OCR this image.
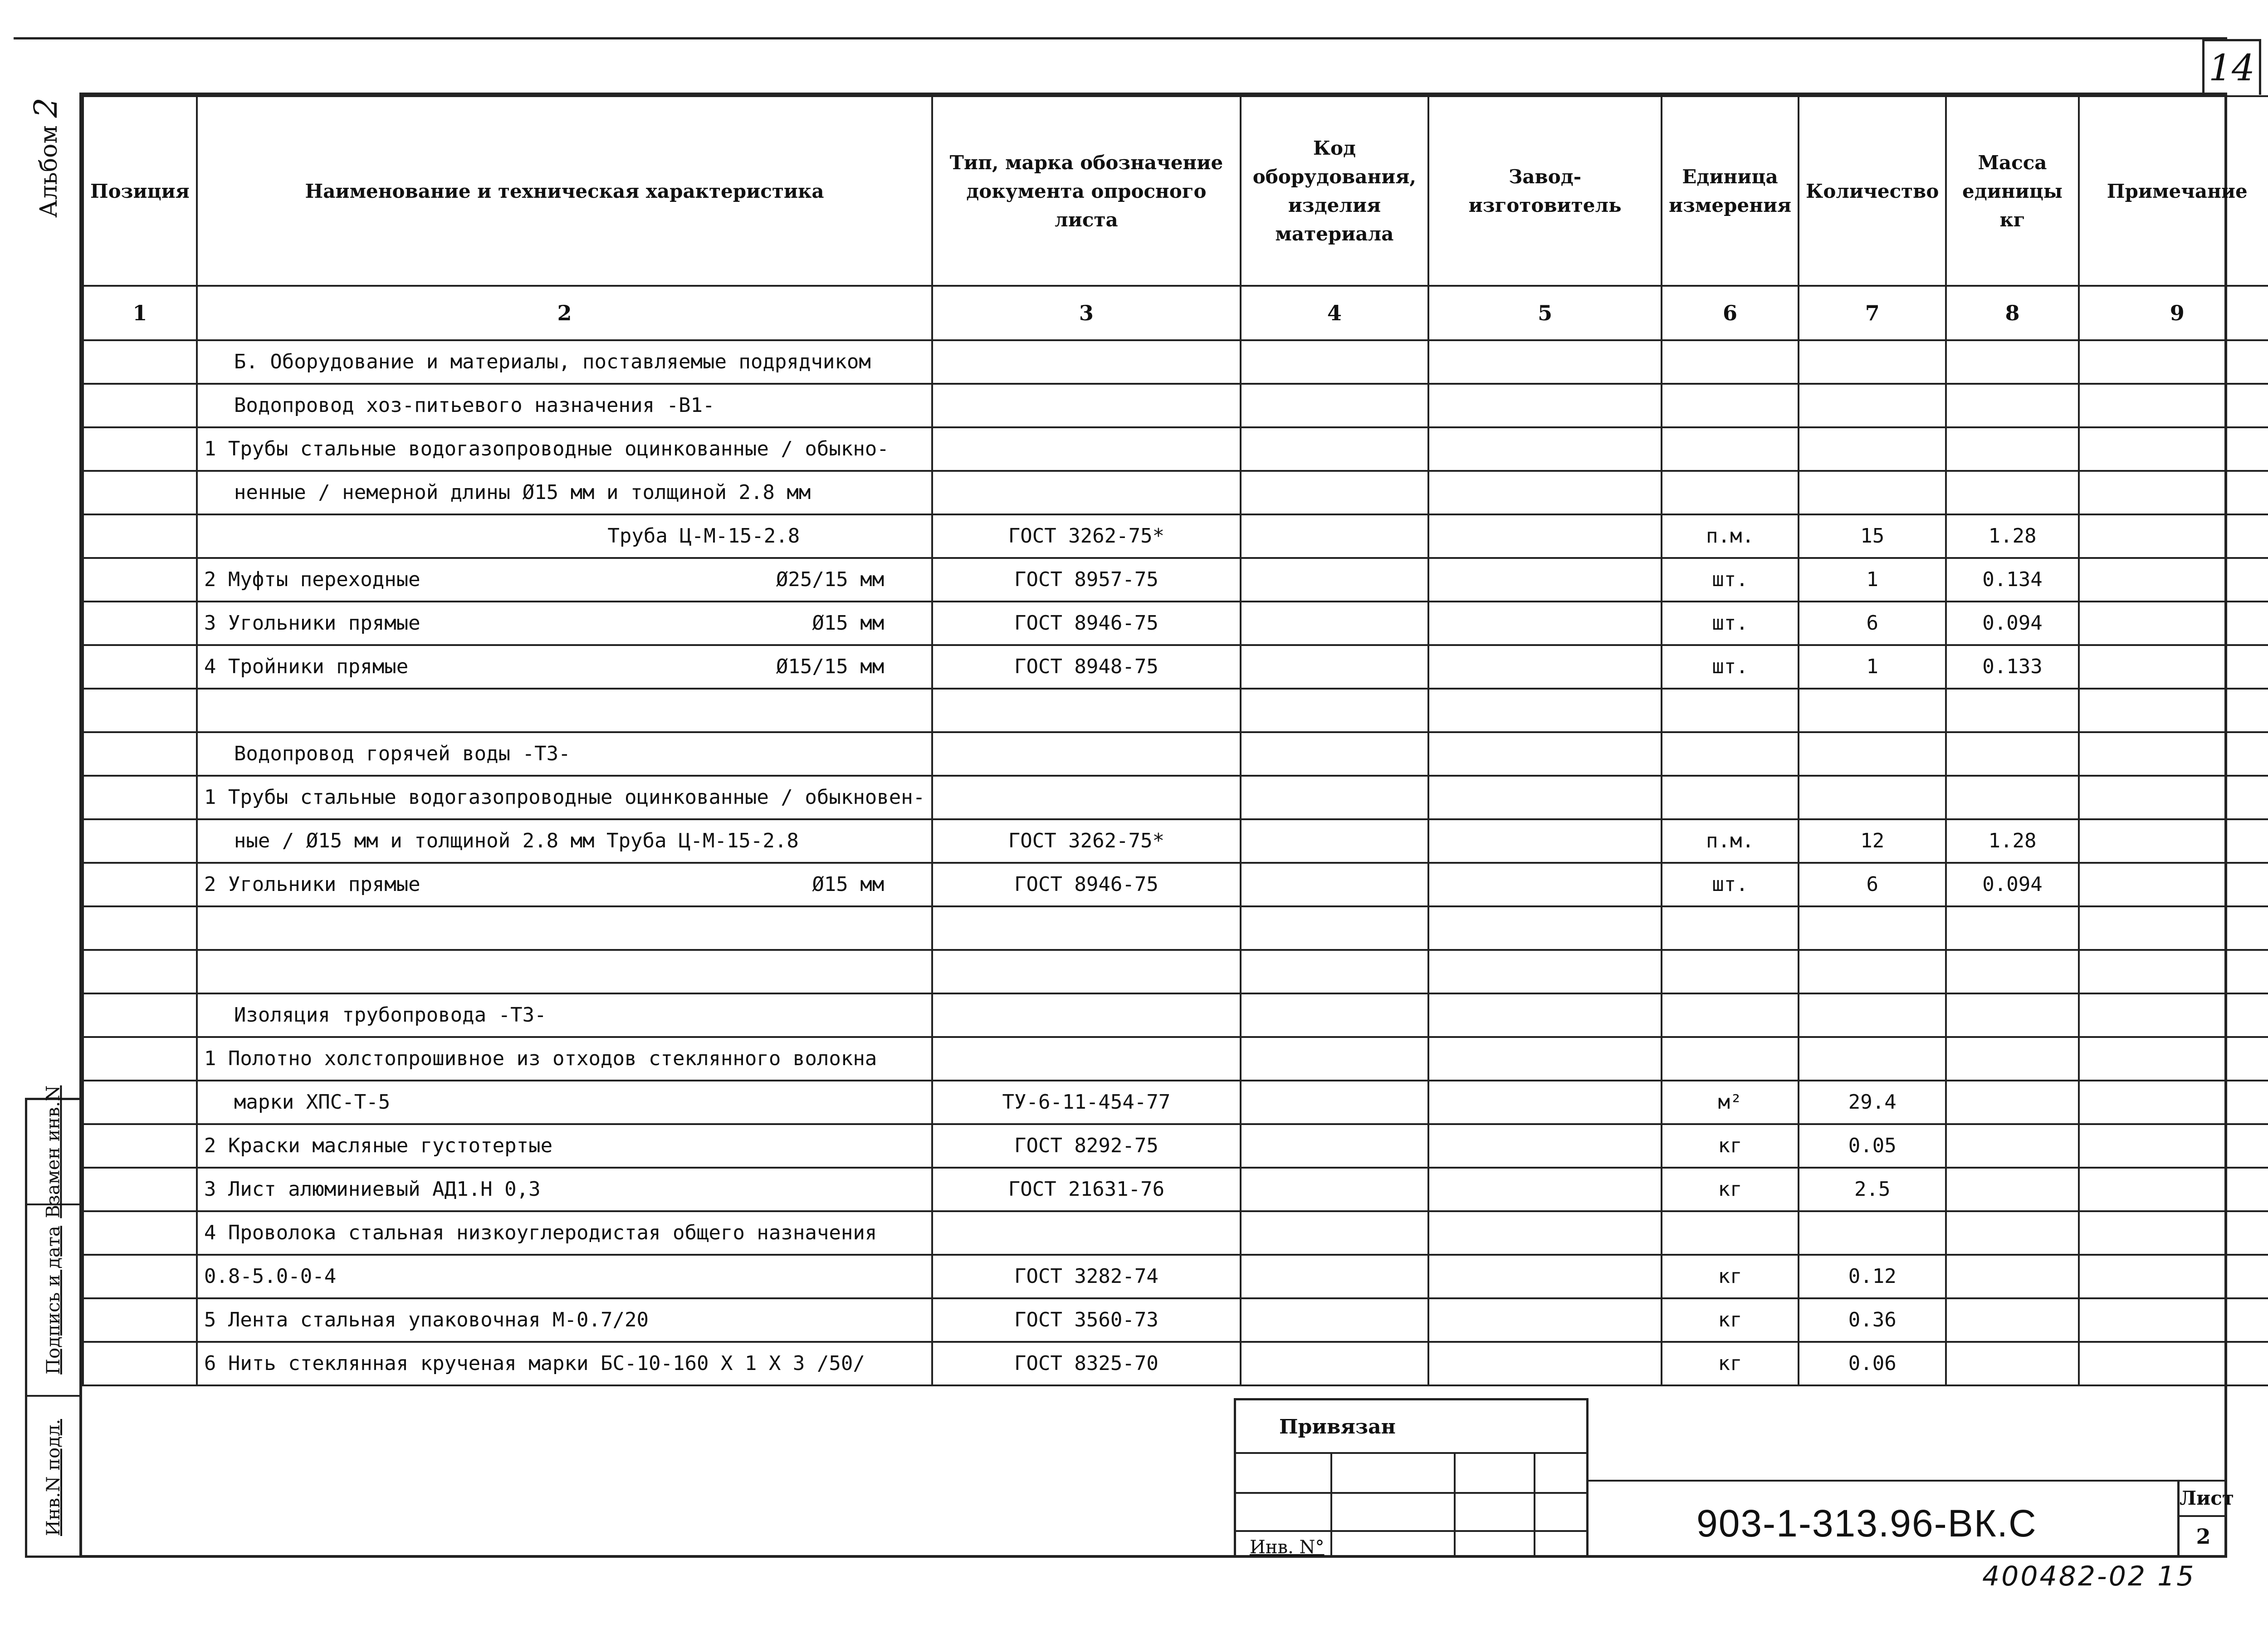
14
Альбом 2
Взамен инв.N
Подпись и дата
Инв.N подл.
Позиция	Наименование и техническая характеристика	Тип, марка обозначение документа опросного листа	Код оборудования, изделия материала	Завод-изготовитель	Единица измерения	Количество	Масса единицы кг	Примечание
1	2	3	4	5	6	7	8	9
	Б. Оборудование и материалы, поставляемые подрядчиком							
	Водопровод хоз-питьевого назначения -В1-							
	1 Трубы стальные водогазопроводные оцинкованные / обыкно-							
	ненные / немерной длины Ø15 мм и толщиной 2.8 мм							
	Труба Ц-М-15-2.8	ГОСТ 3262-75*			п.м.	15	1.28	

	2 Муфты переходные Ø25/15 мм	ГОСТ 8957-75			шт.	1	0.134	

	3 Угольники прямые Ø15 мм	ГОСТ 8946-75			шт.	6	0.094	

	4 Тройники прямые Ø15/15 мм	ГОСТ 8948-75			шт.	1	0.133	

	Водопровод горячей воды -Т3-							
	1 Трубы стальные водогазопроводные оцинкованные / обыкновен-							
	ные / Ø15 мм и толщиной 2.8 мм Труба Ц-М-15-2.8	ГОСТ 3262-75*			п.м.	12	1.28	

	2 Угольники прямые Ø15 мм	ГОСТ 8946-75			шт.	6	0.094	

	Изоляция трубопровода -Т3-							
	1 Полотно холстопрошивное из отходов стеклянного волокна							
	марки ХПС-Т-5	ТУ-6-11-454-77			м²	29.4		
	2 Краски масляные густотертые	ГОСТ 8292-75			кг	0.05		
	3 Лист алюминиевый АД1.Н 0,3	ГОСТ 21631-76			кг	2.5		
	4 Проволока стальная низкоуглеродистая общего назначения							
	0.8-5.0-0-4	ГОСТ 3282-74			кг	0.12		
	5 Лента стальная упаковочная М-0.7/20	ГОСТ 3560-73			кг	0.36		
	6 Нить стеклянная крученая марки БС-10-160 Х 1 Х 3 /50/	ГОСТ 8325-70			кг	0.06		
Привязан
Инв. N°
903-1-313.96-ВК.С
Лист
2
400482-02 15
